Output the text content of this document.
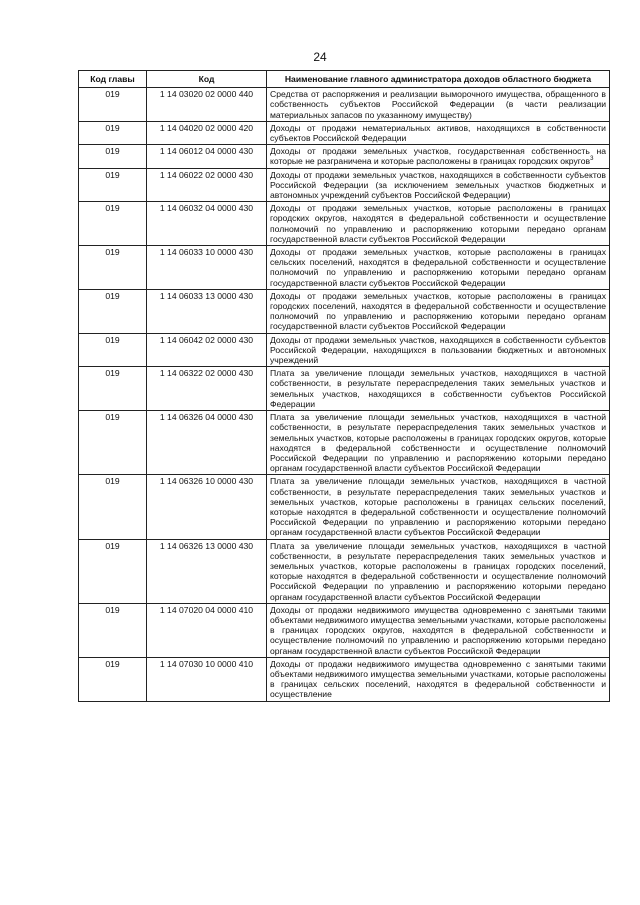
24
Код главы	Код	Наименование главного администратора доходов областного бюджета
019	1 14 03020 02 0000 440	Средства от распоряжения и реализации выморочного имущества, обращенного в собственность субъектов Российской Федерации (в части реализации материальных запасов по указанному имуществу)
019	1 14 04020 02 0000 420	Доходы от продажи нематериальных активов, находящихся в собственности субъектов Российской Федерации
019	1 14 06012 04 0000 430	Доходы от продажи земельных участков, государственная собственность на которые не разграничена и которые расположены в границах городских округов$^3$
019	1 14 06022 02 0000 430	Доходы от продажи земельных участков, находящихся в собственности субъектов Российской Федерации (за исключением земельных участков бюджетных и автономных учреждений субъектов Российской Федерации)
019	1 14 06032 04 0000 430	Доходы от продажи земельных участков, которые расположены в границах городских округов, находятся в федеральной собственности и осуществление полномочий по управлению и распоряжению которыми передано органам государственной власти субъектов Российской Федерации
019	1 14 06033 10 0000 430	Доходы от продажи земельных участков, которые расположены в границах сельских поселений, находятся в федеральной собственности и осуществление полномочий по управлению и распоряжению которыми передано органам государственной власти субъектов Российской Федерации
019	1 14 06033 13 0000 430	Доходы от продажи земельных участков, которые расположены в границах городских поселений, находятся в федеральной собственности и осуществление полномочий по управлению и распоряжению которыми передано органам государственной власти субъектов Российской Федерации
019	1 14 06042 02 0000 430	Доходы от продажи земельных участков, находящихся в собственности субъектов Российской Федерации, находящихся в пользовании бюджетных и автономных учреждений
019	1 14 06322 02 0000 430	Плата за увеличение площади земельных участков, находящихся в частной собственности, в результате перераспределения таких земельных участков и земельных участков, находящихся в собственности субъектов Российской Федерации
019	1 14 06326 04 0000 430	Плата за увеличение площади земельных участков, находящихся в частной собственности, в результате перераспределения таких земельных участков и земельных участков, которые расположены в границах городских округов, которые находятся в федеральной собственности и осуществление полномочий Российской Федерации по управлению и распоряжению которыми передано органам государственной власти субъектов Российской Федерации
019	1 14 06326 10 0000 430	Плата за увеличение площади земельных участков, находящихся в частной собственности, в результате перераспределения таких земельных участков и земельных участков, которые расположены в границах сельских поселений, которые находятся в федеральной собственности и осуществление полномочий Российской Федерации по управлению и распоряжению которыми передано органам государственной власти субъектов Российской Федерации
019	1 14 06326 13 0000 430	Плата за увеличение площади земельных участков, находящихся в частной собственности, в результате перераспределения таких земельных участков и земельных участков, которые расположены в границах городских поселений, которые находятся в федеральной собственности и осуществление полномочий Российской Федерации по управлению и распоряжению которыми передано органам государственной власти субъектов Российской Федерации
019	1 14 07020 04 0000 410	Доходы от продажи недвижимого имущества одновременно с занятыми такими объектами недвижимого имущества земельными участками, которые расположены в границах городских округов, находятся в федеральной собственности и осуществление полномочий по управлению и распоряжению которыми передано органам государственной власти субъектов Российской Федерации
019	1 14 07030 10 0000 410	Доходы от продажи недвижимого имущества одновременно с занятыми такими объектами недвижимого имущества земельными участками, которые расположены в границах сельских поселений, находятся в федеральной собственности и осуществление
